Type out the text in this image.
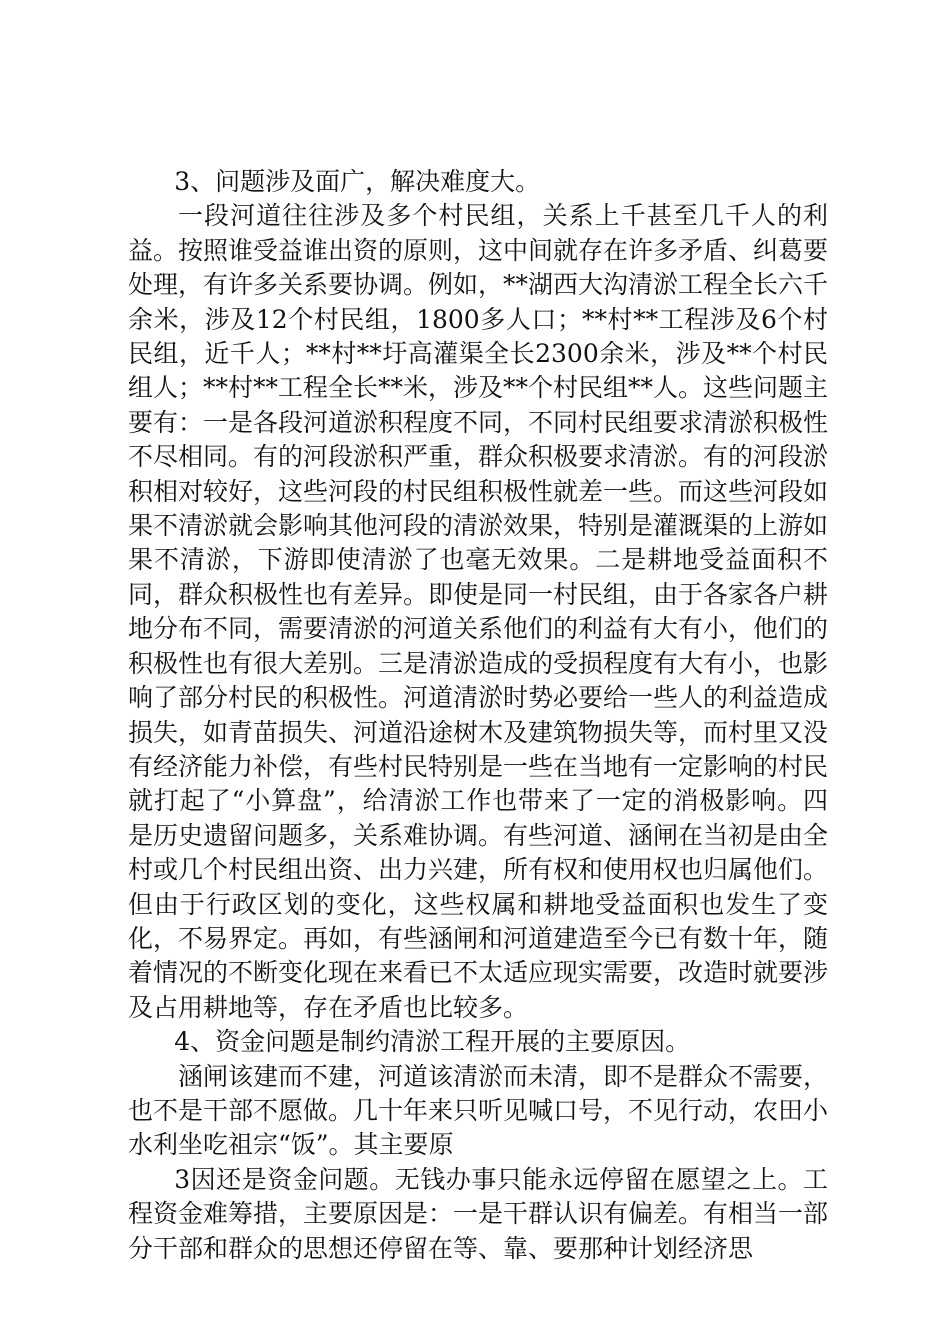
3、问题涉及面广，解决难度大。

一段河道往往涉及多个村民组，关系上千甚至几千人的利益。按照谁受益谁出资的原则，这中间就存在许多矛盾、纠葛要处理，有许多关系要协调。例如，**湖西大沟清淤工程全长六千余米，涉及12个村民组，1800多人口；**村**工程涉及6个村民组，近千人；**村**圩高灌渠全长2300余米，涉及**个村民组人；**村**工程全长**米，涉及**个村民组**人。这些问题主要有：一是各段河道淤积程度不同，不同村民组要求清淤积极性不尽相同。有的河段淤积严重，群众积极要求清淤。有的河段淤积相对较好，这些河段的村民组积极性就差一些。而这些河段如果不清淤就会影响其他河段的清淤效果，特别是灌溉渠的上游如果不清淤，下游即使清淤了也毫无效果。二是耕地受益面积不同，群众积极性也有差异。即使是同一村民组，由于各家各户耕地分布不同，需要清淤的河道关系他们的利益有大有小，他们的积极性也有很大差别。三是清淤造成的受损程度有大有小，也影响了部分村民的积极性。河道清淤时势必要给一些人的利益造成损失，如青苗损失、河道沿途树木及建筑物损失等，而村里又没有经济能力补偿，有些村民特别是一些在当地有一定影响的村民就打起了“小算盘”，给清淤工作也带来了一定的消极影响。四是历史遗留问题多，关系难协调。有些河道、涵闸在当初是由全村或几个村民组出资、出力兴建，所有权和使用权也归属他们。但由于行政区划的变化，这些权属和耕地受益面积也发生了变化，不易界定。再如，有些涵闸和河道建造至今已有数十年，随着情况的不断变化现在来看已不太适应现实需要，改造时就要涉及占用耕地等，存在矛盾也比较多。

4、资金问题是制约清淤工程开展的主要原因。

涵闸该建而不建，河道该清淤而未清，即不是群众不需要，也不是干部不愿做。几十年来只听见喊口号，不见行动，农田小水利坐吃祖宗“饭”。其主要原

3因还是资金问题。无钱办事只能永远停留在愿望之上。工程资金难筹措，主要原因是：一是干群认识有偏差。有相当一部分干部和群众的思想还停留在等、靠、要那种计划经济思
